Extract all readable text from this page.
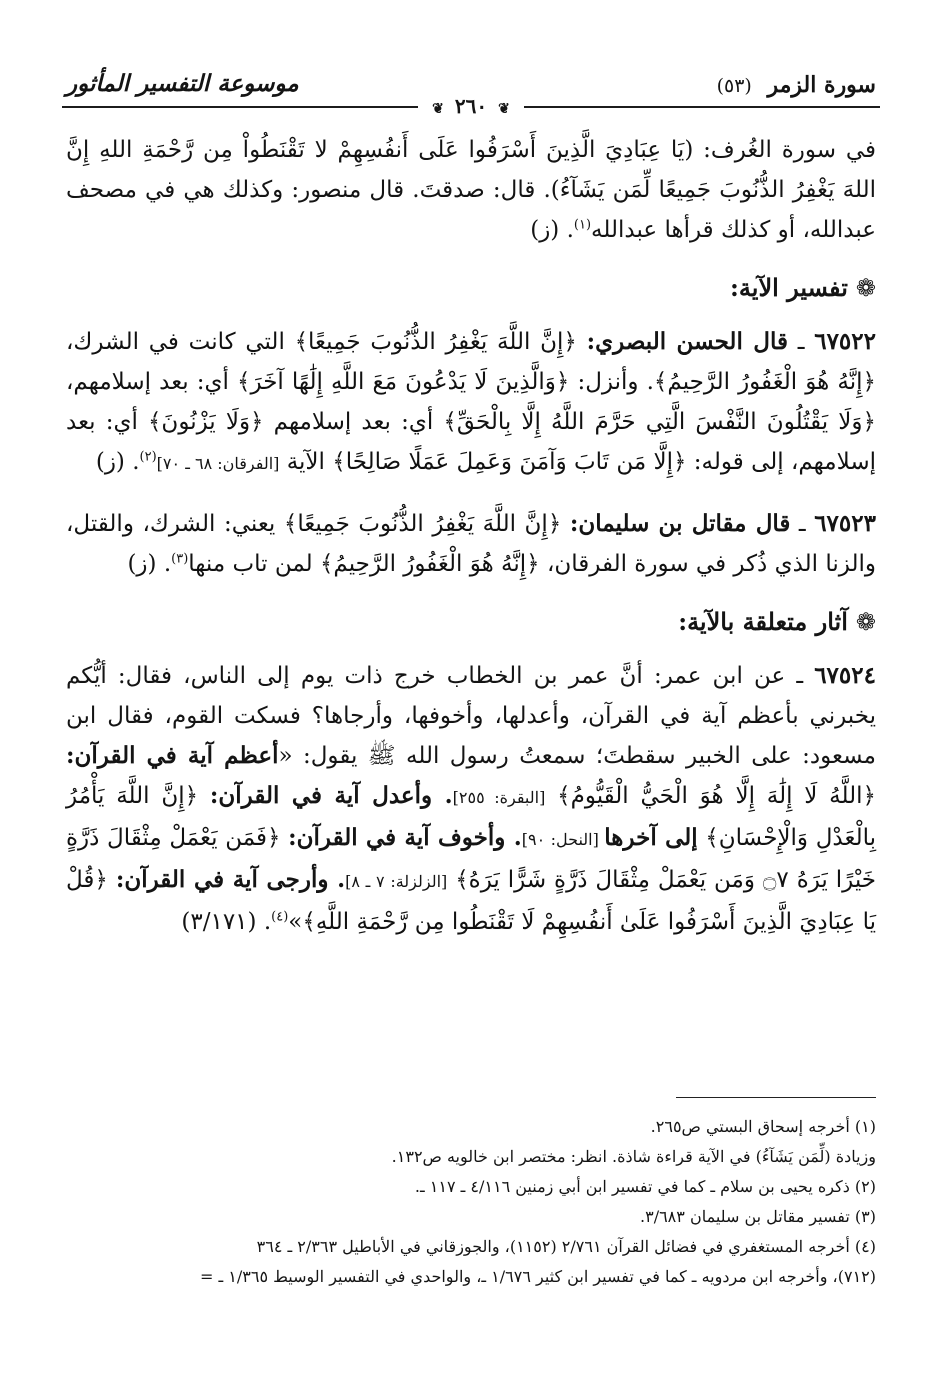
سورة الزمر (٥٣)
موسوعة التفسير المأثور
❦ ٢٦٠ ❦

في سورة الغُرف: (يَا عِبَادِيَ الَّذِينَ أَسْرَفُوا عَلَى أَنفُسِهِمْ لا تَقْنَطُواْ مِن رَّحْمَةِ اللهِ إِنَّ اللهَ يَغْفِرُ الذُّنُوبَ جَمِيعًا لِّمَن يَشَآءُ). قال: صدقتَ. قال منصور: وكذلك هي في مصحف عبدالله، أو كذلك قرأها عبدالله$^{(١)}$. (ز)

❁تفسير الآية:

٦٧٥٢٢ ـ قال الحسن البصري: ﴿إِنَّ اللَّهَ يَغْفِرُ الذُّنُوبَ جَمِيعًا﴾ التي كانت في الشرك، ﴿إِنَّهُ هُوَ الْغَفُورُ الرَّحِيمُ﴾. وأنزل: ﴿وَالَّذِينَ لَا يَدْعُونَ مَعَ اللَّهِ إِلَٰهًا آخَرَ﴾ أي: بعد إسلامهم، ﴿وَلَا يَقْتُلُونَ النَّفْسَ الَّتِي حَرَّمَ اللَّهُ إِلَّا بِالْحَقِّ﴾ أي: بعد إسلامهم ﴿وَلَا يَزْنُونَ﴾ أي: بعد إسلامهم، إلى قوله: ﴿إِلَّا مَن تَابَ وَآمَنَ وَعَمِلَ عَمَلًا صَالِحًا﴾ الآية [الفرقان: ٦٨ ـ ٧٠]$^{(٢)}$. (ز)

٦٧٥٢٣ ـ قال مقاتل بن سليمان: ﴿إِنَّ اللَّهَ يَغْفِرُ الذُّنُوبَ جَمِيعًا﴾ يعني: الشرك، والقتل، والزنا الذي ذُكر في سورة الفرقان، ﴿إِنَّهُ هُوَ الْغَفُورُ الرَّحِيمُ﴾ لمن تاب منها$^{(٣)}$. (ز)

❁آثار متعلقة بالآية:

٦٧٥٢٤ ـ عن ابن عمر: أنَّ عمر بن الخطاب خرج ذات يوم إلى الناس، فقال: أيُّكم يخبرني بأعظم آية في القرآن، وأعدلها، وأخوفها، وأرجاها؟ فسكت القوم، فقال ابن مسعود: على الخبير سقطتَ؛ سمعتُ رسول الله ﷺ يقول: «أعظم آية في القرآن: ﴿اللَّهُ لَا إِلَٰهَ إِلَّا هُوَ الْحَيُّ الْقَيُّومُ﴾ [البقرة: ٢٥٥]. وأعدل آية في القرآن: ﴿إِنَّ اللَّهَ يَأْمُرُ بِالْعَدْلِ وَالْإِحْسَانِ﴾ إلى آخرها [النحل: ٩٠]. وأخوف آية في القرآن: ﴿فَمَن يَعْمَلْ مِثْقَالَ ذَرَّةٍ خَيْرًا يَرَهُ ۝٧ وَمَن يَعْمَلْ مِثْقَالَ ذَرَّةٍ شَرًّا يَرَهُ﴾ [الزلزلة: ٧ ـ ٨]. وأرجى آية في القرآن: ﴿قُلْ يَا عِبَادِيَ الَّذِينَ أَسْرَفُوا عَلَىٰ أَنفُسِهِمْ لَا تَقْنَطُوا مِن رَّحْمَةِ اللَّهِ﴾»$^{(٤)}$. (٣/١٧١)

(١) أخرجه إسحاق البستي ص٢٦٥.
وزيادة (لِّمَن يَشَآءُ) في الآية قراءة شاذة. انظر: مختصر ابن خالويه ص١٣٢.
(٢) ذكره يحيى بن سلام ـ كما في تفسير ابن أبي زمنين ٤/١١٦ ـ ١١٧ ـ.
(٣) تفسير مقاتل بن سليمان ٣/٦٨٣.
(٤) أخرجه المستغفري في فضائل القرآن ٢/٧٦١ (١١٥٢)، والجوزقاني في الأباطيل ٢/٣٦٣ ـ ٣٦٤
(٧١٢)، وأخرجه ابن مردويه ـ كما في تفسير ابن كثير ١/٦٧٦ ـ، والواحدي في التفسير الوسيط ١/٣٦٥ ـ =
